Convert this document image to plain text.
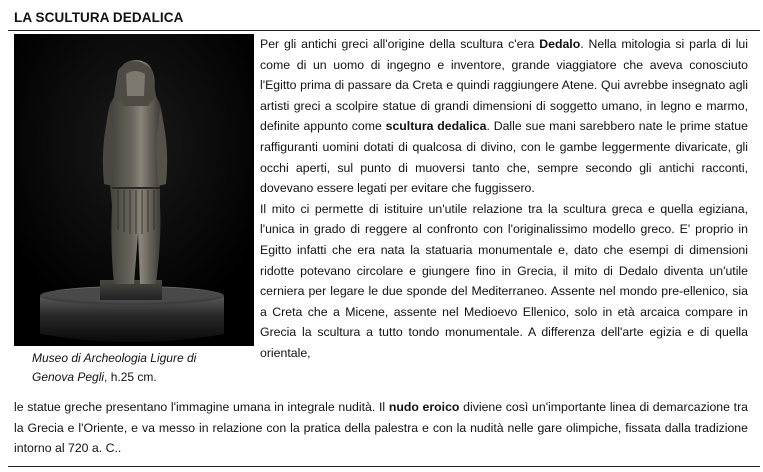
LA SCULTURA DEDALICA
Museo di Archeologia Ligure di
Genova Pegli, h.25 cm.

Per gli antichi greci all'origine della scultura c'era Dedalo. Nella mitologia si parla di lui come di un uomo di ingegno e inventore, grande viaggiatore che aveva conosciuto l'Egitto prima di passare da Creta e quindi raggiungere Atene. Qui avrebbe insegnato agli artisti greci a scolpire statue di grandi dimensioni di soggetto umano, in legno e marmo, definite appunto come scultura dedalica. Dalle sue mani sarebbero nate le prime statue raffiguranti uomini dotati di qualcosa di divino, con le gambe leggermente divaricate, gli occhi aperti, sul punto di muoversi tanto che, sempre secondo gli antichi racconti, dovevano essere legati per evitare che fuggissero.

Il mito ci permette di istituire un'utile relazione tra la scultura greca e quella egiziana, l'unica in grado di reggere al confronto con l'originalissimo modello greco. E' proprio in Egitto infatti che era nata la statuaria monumentale e, dato che esempi di dimensioni ridotte potevano circolare e giungere fino in Grecia, il mito di Dedalo diventa un'utile cerniera per legare le due sponde del Mediterraneo. Assente nel mondo pre-ellenico, sia a Creta che a Micene, assente nel Medioevo Ellenico, solo in età arcaica compare in Grecia la scultura a tutto tondo monumentale. A differenza dell'arte egizia e di quella orientale,

le statue greche presentano l'immagine umana in integrale nudità. Il nudo eroico diviene così un'importante linea di demarcazione tra la Grecia e l'Oriente, e va messo in relazione con la pratica della palestra e con la nudità nelle gare olimpiche, fissata dalla tradizione intorno al 720 a. C..
